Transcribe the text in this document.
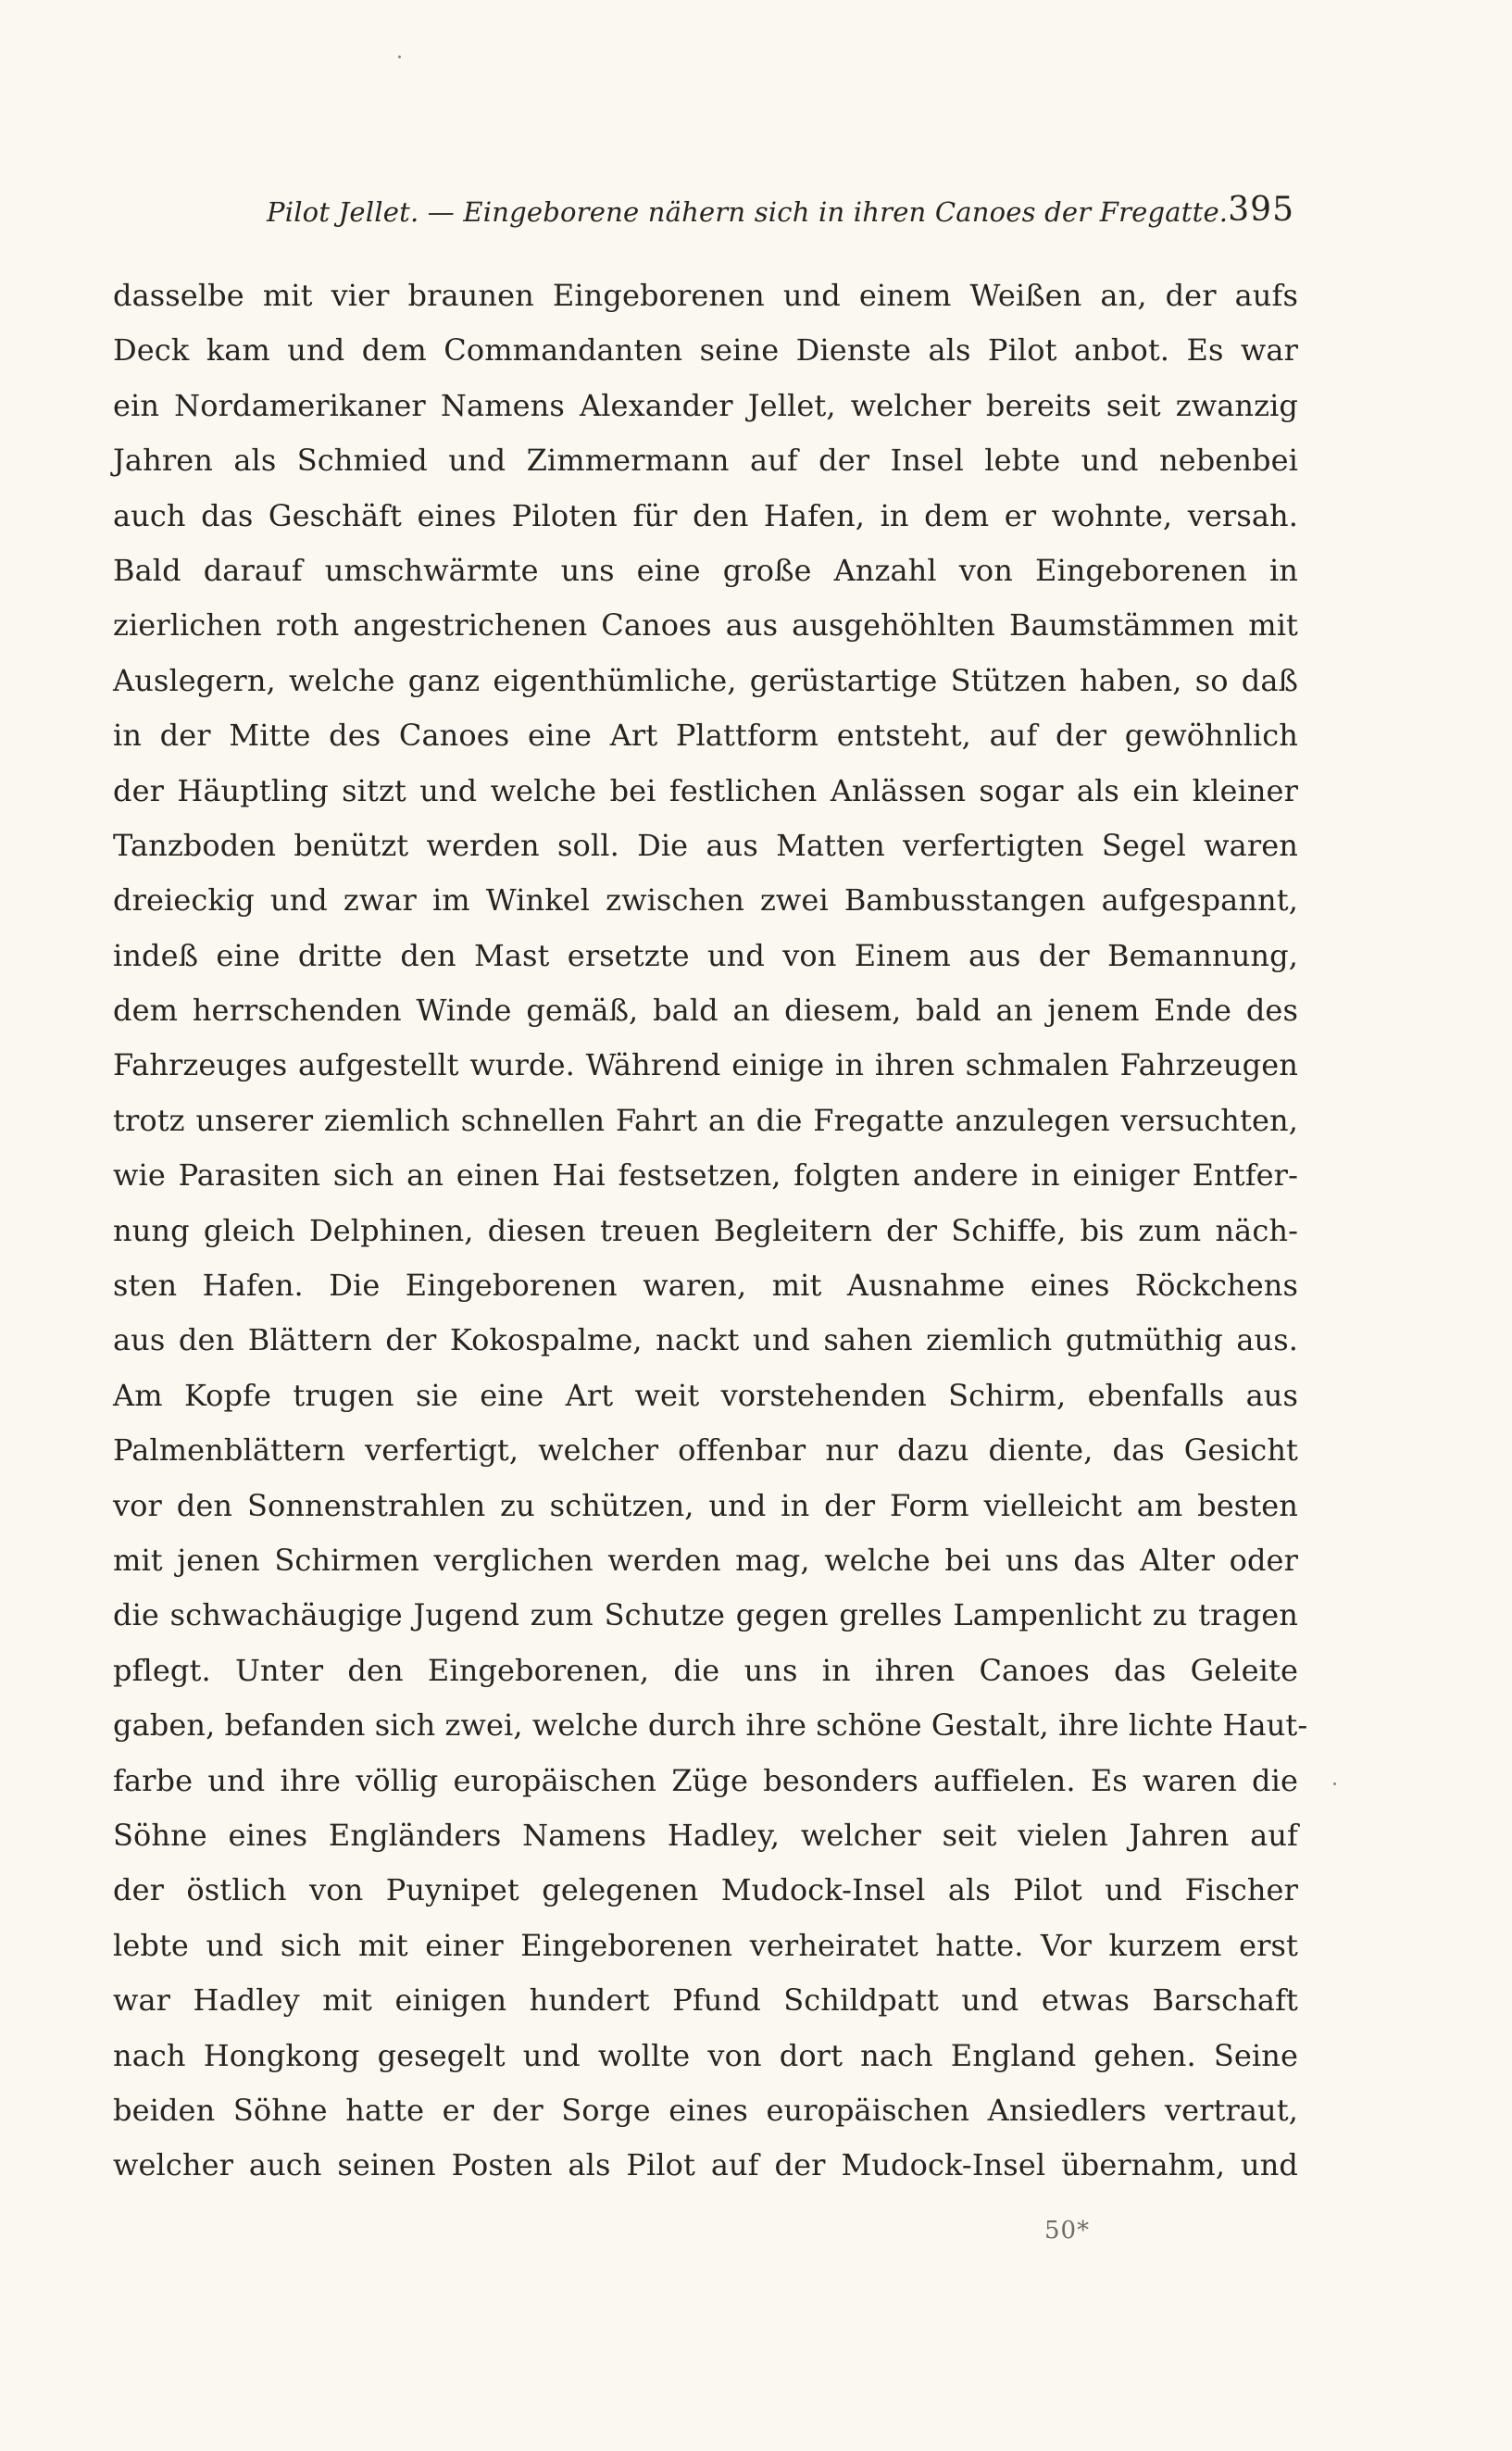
Pilot Jellet. — Eingeborene nähern sich in ihren Canoes der Fregatte. 395
dasselbe mit vier braunen Eingeborenen und einem Weißen an, der aufs
Deck kam und dem Commandanten seine Dienste als Pilot anbot. Es war
ein Nordamerikaner Namens Alexander Jellet, welcher bereits seit zwanzig
Jahren als Schmied und Zimmermann auf der Insel lebte und nebenbei
auch das Geschäft eines Piloten für den Hafen, in dem er wohnte, versah.
Bald darauf umschwärmte uns eine große Anzahl von Eingeborenen in
zierlichen roth angestrichenen Canoes aus ausgehöhlten Baumstämmen mit
Auslegern, welche ganz eigenthümliche, gerüstartige Stützen haben, so daß
in der Mitte des Canoes eine Art Plattform entsteht, auf der gewöhnlich
der Häuptling sitzt und welche bei festlichen Anlässen sogar als ein kleiner
Tanzboden benützt werden soll. Die aus Matten verfertigten Segel waren
dreieckig und zwar im Winkel zwischen zwei Bambusstangen aufgespannt,
indeß eine dritte den Mast ersetzte und von Einem aus der Bemannung,
dem herrschenden Winde gemäß, bald an diesem, bald an jenem Ende des
Fahrzeuges aufgestellt wurde. Während einige in ihren schmalen Fahrzeugen
trotz unserer ziemlich schnellen Fahrt an die Fregatte anzulegen versuchten,
wie Parasiten sich an einen Hai festsetzen, folgten andere in einiger Entfer-
nung gleich Delphinen, diesen treuen Begleitern der Schiffe, bis zum näch-
sten Hafen. Die Eingeborenen waren, mit Ausnahme eines Röckchens
aus den Blättern der Kokospalme, nackt und sahen ziemlich gutmüthig aus.
Am Kopfe trugen sie eine Art weit vorstehenden Schirm, ebenfalls aus
Palmenblättern verfertigt, welcher offenbar nur dazu diente, das Gesicht
vor den Sonnenstrahlen zu schützen, und in der Form vielleicht am besten
mit jenen Schirmen verglichen werden mag, welche bei uns das Alter oder
die schwachäugige Jugend zum Schutze gegen grelles Lampenlicht zu tragen
pflegt. Unter den Eingeborenen, die uns in ihren Canoes das Geleite
gaben, befanden sich zwei, welche durch ihre schöne Gestalt, ihre lichte Haut-
farbe und ihre völlig europäischen Züge besonders auffielen. Es waren die
Söhne eines Engländers Namens Hadley, welcher seit vielen Jahren auf
der östlich von Puynipet gelegenen Mudock-Insel als Pilot und Fischer
lebte und sich mit einer Eingeborenen verheiratet hatte. Vor kurzem erst
war Hadley mit einigen hundert Pfund Schildpatt und etwas Barschaft
nach Hongkong gesegelt und wollte von dort nach England gehen. Seine
beiden Söhne hatte er der Sorge eines europäischen Ansiedlers vertraut,
welcher auch seinen Posten als Pilot auf der Mudock-Insel übernahm, und
50*
